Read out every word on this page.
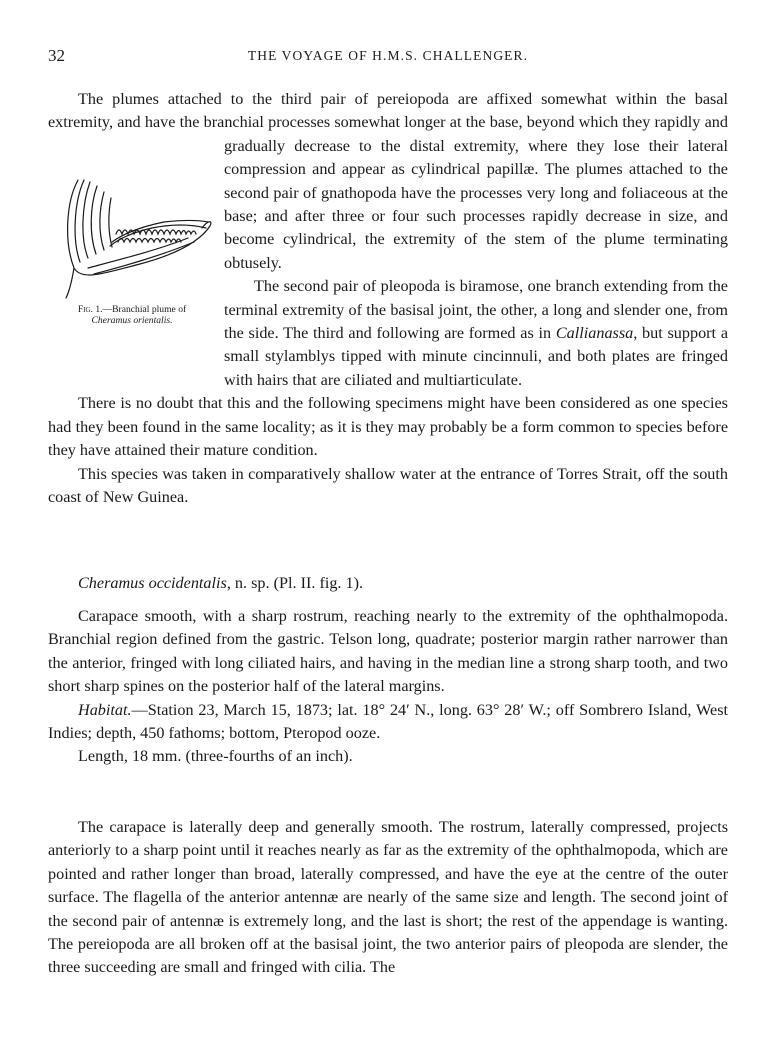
32	THE VOYAGE OF H.M.S. CHALLENGER.
Fig. 1.—Branchial plume of
Cheramus orientalis.

The plumes attached to the third pair of pereiopoda are affixed somewhat within the basal extremity, and have the branchial processes somewhat longer at the base, beyond which they rapidly and gradually decrease to the distal extremity, where they lose their lateral compression and appear as cylindrical papillæ. The plumes attached to the second pair of gnathopoda have the processes very long and foliaceous at the base; and after three or four such processes rapidly decrease in size, and become cylindrical, the extremity of the stem of the plume terminating obtusely.

The second pair of pleopoda is biramose, one branch extending from the terminal extremity of the basisal joint, the other, a long and slender one, from the side. The third and following are formed as in Callianassa, but support a small stylamblys tipped with minute cincinnuli, and both plates are fringed with hairs that are ciliated and multiarticulate.

There is no doubt that this and the following specimens might have been considered as one species had they been found in the same locality; as it is they may probably be a form common to species before they have attained their mature condition.

This species was taken in comparatively shallow water at the entrance of Torres Strait, off the south coast of New Guinea.

Cheramus occidentalis, n. sp. (Pl. II. fig. 1).

Carapace smooth, with a sharp rostrum, reaching nearly to the extremity of the ophthalmopoda. Branchial region defined from the gastric. Telson long, quadrate; posterior margin rather narrower than the anterior, fringed with long ciliated hairs, and having in the median line a strong sharp tooth, and two short sharp spines on the posterior half of the lateral margins.

Habitat.—Station 23, March 15, 1873; lat. 18° 24′ N., long. 63° 28′ W.; off Sombrero Island, West Indies; depth, 450 fathoms; bottom, Pteropod ooze.

Length, 18 mm. (three-fourths of an inch).

The carapace is laterally deep and generally smooth. The rostrum, laterally compressed, projects anteriorly to a sharp point until it reaches nearly as far as the extremity of the ophthalmopoda, which are pointed and rather longer than broad, laterally compressed, and have the eye at the centre of the outer surface. The flagella of the anterior antennæ are nearly of the same size and length. The second joint of the second pair of antennæ is extremely long, and the last is short; the rest of the appendage is wanting. The pereiopoda are all broken off at the basisal joint, the two anterior pairs of pleopoda are slender, the three succeeding are small and fringed with cilia. The
